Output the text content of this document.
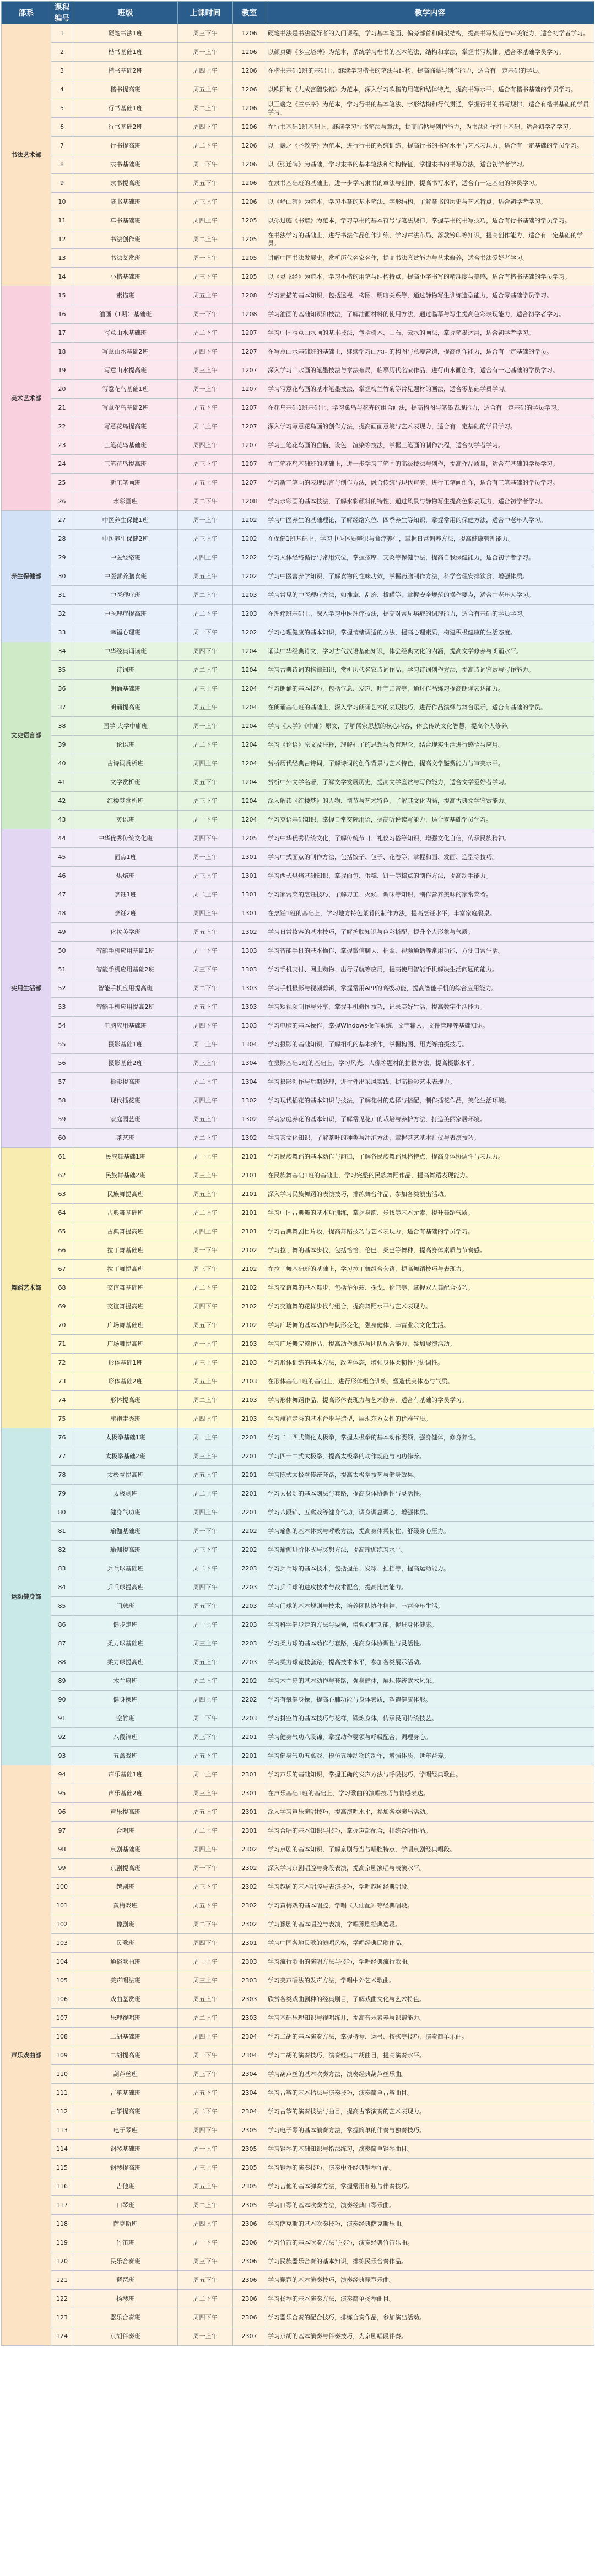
部系	课程编号	班级	上课时间	教室	教学内容
书法艺术部	1	硬笔书法1班	周三下午	1206	硬笔书法是书法爱好者的入门课程，学习基本笔画、偏旁部首和间架结构，提高书写规范与审美能力，适合初学者学习。
	2	楷书基础1班	周一上午	1206	以颜真卿《多宝塔碑》为范本，系统学习楷书的基本笔法、结构和章法，掌握书写规律，适合零基础学员学习。
	3	楷书基础2班	周四上午	1206	在楷书基础1班的基础上，继续学习楷书的笔法与结构，提高临摹与创作能力，适合有一定基础的学员。
	4	楷书提高班	周五上午	1206	以欧阳询《九成宫醴泉铭》为范本，深入学习欧楷的用笔和结体特点，提高书写水平，适合有楷书基础的学员学习。
	5	行书基础1班	周二上午	1206	以王羲之《兰亭序》为范本，学习行书的基本笔法、字形结构和行气贯通，掌握行书的书写规律，适合有楷书基础的学员学习。
	6	行书基础2班	周四下午	1206	在行书基础1班基础上，继续学习行书笔法与章法，提高临帖与创作能力，为书法创作打下基础，适合初学者学习。
	7	行书提高班	周二下午	1206	以王羲之《圣教序》为范本，进行行书的系统训练，提高行书的书写水平与艺术表现力，适合有一定基础的学员学习。
	8	隶书基础班	周一下午	1206	以《张迁碑》为基础，学习隶书的基本笔法和结构特征，掌握隶书的书写方法，适合初学者学习。
	9	隶书提高班	周五下午	1206	在隶书基础班的基础上，进一步学习隶书的章法与创作，提高书写水平，适合有一定基础的学员学习。
	10	篆书基础班	周三上午	1206	以《峄山碑》为范本，学习小篆的基本笔法、字形结构，了解篆书的历史与艺术特点，适合初学者学习。
	11	草书基础班	周四上午	1205	以孙过庭《书谱》为范本，学习草书的基本符号与笔法规律，掌握草书的书写技巧，适合有行书基础的学员学习。
	12	书法创作班	周二上午	1205	在书法学习的基础上，进行书法作品创作训练，学习章法布局、落款钤印等知识，提高创作能力，适合有一定基础的学员。
	13	书法鉴赏班	周一上午	1205	讲解中国书法发展史，赏析历代名家名作，提高书法鉴赏能力与艺术修养，适合书法爱好者学习。
	14	小楷基础班	周三下午	1205	以《灵飞经》为范本，学习小楷的用笔与结构特点，提高小字书写的精准度与美感，适合有楷书基础的学员学习。
美术艺术部	15	素描班	周五上午	1208	学习素描的基本知识，包括透视、构图、明暗关系等，通过静物写生训练造型能力，适合零基础学员学习。
	16	油画（1期）基础班	周一下午	1208	学习油画的基础知识和技法，了解油画材料的使用方法，通过临摹与写生提高色彩表现能力，适合初学者学习。
	17	写意山水基础班	周二下午	1207	学习中国写意山水画的基本技法，包括树木、山石、云水的画法，掌握笔墨运用，适合初学者学习。
	18	写意山水基础2班	周四下午	1207	在写意山水基础班的基础上，继续学习山水画的构图与意境营造，提高创作能力，适合有一定基础的学员。
	19	写意山水提高班	周三上午	1207	深入学习山水画的笔墨技法与章法布局，临摹历代名家作品，进行山水画创作，适合有一定基础的学员学习。
	20	写意花鸟基础1班	周一上午	1207	学习写意花鸟画的基本笔墨技法，掌握梅兰竹菊等常见题材的画法，适合零基础学员学习。
	21	写意花鸟基础2班	周五下午	1207	在花鸟基础1班基础上，学习禽鸟与花卉的组合画法，提高构图与笔墨表现能力，适合有一定基础的学员学习。
	22	写意花鸟提高班	周二上午	1207	深入学习写意花鸟画的创作方法，提高画面意境与艺术表现力，适合有一定基础的学员学习。
	23	工笔花鸟基础班	周四上午	1207	学习工笔花鸟画的白描、设色、渲染等技法，掌握工笔画的制作流程，适合初学者学习。
	24	工笔花鸟提高班	周三下午	1207	在工笔花鸟基础班的基础上，进一步学习工笔画的高级技法与创作，提高作品质量，适合有基础的学员学习。
	25	新工笔画班	周五上午	1207	学习新工笔画的表现语言与创作方法，融合传统与现代审美，进行工笔画创作，适合有工笔基础的学员学习。
	26	水彩画班	周二下午	1208	学习水彩画的基本技法，了解水彩颜料的特性，通过风景与静物写生提高色彩表现力，适合初学者学习。
养生保健部	27	中医养生保健1班	周一上午	1202	学习中医养生的基础理论，了解经络穴位、四季养生等知识，掌握常用的保健方法，适合中老年人学习。
	28	中医养生保健2班	周三上午	1202	在保健1班基础上，学习中医体质辨识与食疗养生，掌握日常调养方法，提高健康管理能力。
	29	中医经络班	周四上午	1202	学习人体经络循行与常用穴位，掌握按摩、艾灸等保健手法，提高自我保健能力，适合初学者学习。
	30	中医营养膳食班	周五上午	1202	学习中医营养学知识，了解食物的性味功效，掌握药膳制作方法，科学合理安排饮食，增强体质。
	31	中医理疗班	周二上午	1203	学习常见的中医理疗方法，如推拿、刮痧、拔罐等，掌握安全规范的操作要点，适合中老年人学习。
	32	中医理疗提高班	周二下午	1203	在理疗班基础上，深入学习中医理疗技法，提高对常见病症的调理能力，适合有基础的学员学习。
	33	幸福心理班	周一下午	1202	学习心理健康的基本知识，掌握情绪调适的方法，提高心理素质，构建积极健康的生活态度。
文史语言部	34	中华经典诵读班	周四下午	1204	诵读中华经典诗文，学习古代汉语基础知识，体会经典文化的内涵，提高文学修养与朗诵水平。
	35	诗词班	周二上午	1204	学习古典诗词的格律知识，赏析历代名家诗词作品，学习诗词创作方法，提高诗词鉴赏与写作能力。
	36	朗诵基础班	周三上午	1204	学习朗诵的基本技巧，包括气息、发声、吐字归音等，通过作品练习提高朗诵表达能力。
	37	朗诵提高班	周五上午	1204	在朗诵基础班的基础上，深入学习朗诵艺术的表现技巧，进行作品演绎与舞台展示，适合有基础的学员。
	38	国学·大学中庸班	周一上午	1204	学习《大学》《中庸》原文，了解儒家思想的核心内容，体会传统文化智慧，提高个人修养。
	39	论语班	周二下午	1204	学习《论语》原文及注释，理解孔子的思想与教育理念，结合现实生活进行感悟与应用。
	40	古诗词赏析班	周四上午	1204	赏析历代经典古诗词，了解诗词的创作背景与艺术特色，提高文学鉴赏能力与审美水平。
	41	文学赏析班	周五下午	1204	赏析中外文学名著，了解文学发展历史，提高文学鉴赏与写作能力，适合文学爱好者学习。
	42	红楼梦赏析班	周三下午	1204	深入解读《红楼梦》的人物、情节与艺术特色，了解其文化内涵，提高古典文学鉴赏能力。
	43	英语班	周一下午	1204	学习英语基础知识，掌握日常交际用语，提高听说读写能力，适合零基础学员学习。
实用生活部	44	中华优秀传统文化班	周四下午	1205	学习中华优秀传统文化，了解传统节日、礼仪习俗等知识，增强文化自信，传承民族精神。
	45	面点1班	周一上午	1301	学习中式面点的制作方法，包括饺子、包子、花卷等，掌握和面、发面、造型等技巧。
	46	烘焙班	周三上午	1301	学习西式烘焙基础知识，掌握面包、蛋糕、饼干等糕点的制作方法，提高动手能力。
	47	烹饪1班	周二上午	1301	学习家常菜的烹饪技巧，了解刀工、火候、调味等知识，制作营养美味的家常菜肴。
	48	烹饪2班	周四上午	1301	在烹饪1班的基础上，学习地方特色菜肴的制作方法，提高烹饪水平，丰富家庭餐桌。
	49	化妆美学班	周五上午	1302	学习日常妆容的基本技巧，了解护肤知识与色彩搭配，提升个人形象与气质。
	50	智能手机应用基础1班	周一下午	1303	学习智能手机的基本操作，掌握微信聊天、拍照、视频通话等常用功能，方便日常生活。
	51	智能手机应用基础2班	周三下午	1303	学习手机支付、网上购物、出行导航等应用，提高使用智能手机解决生活问题的能力。
	52	智能手机应用提高班	周二下午	1303	学习手机摄影与视频剪辑，掌握常用APP的高级功能，提高智能手机的综合应用能力。
	53	智能手机应用提高2班	周五下午	1303	学习短视频制作与分享，掌握手机修图技巧，记录美好生活，提高数字生活能力。
	54	电脑应用基础班	周四下午	1303	学习电脑的基本操作，掌握Windows操作系统、文字输入、文件管理等基础知识。
	55	摄影基础1班	周一上午	1304	学习摄影的基础知识，了解相机的基本操作，掌握构图、用光等拍摄技巧。
	56	摄影基础2班	周三上午	1304	在摄影基础1班的基础上，学习风光、人像等题材的拍摄方法，提高摄影水平。
	57	摄影提高班	周二上午	1304	学习摄影创作与后期处理，进行外出采风实践，提高摄影艺术表现力。
	58	现代插花班	周四上午	1302	学习现代插花的基本知识与技法，了解花材的选择与搭配，制作插花作品，美化生活环境。
	59	家庭园艺班	周五上午	1302	学习家庭养花的基本知识，了解常见花卉的栽培与养护方法，打造美丽家居环境。
	60	茶艺班	周二下午	1302	学习茶文化知识，了解茶叶的种类与冲泡方法，掌握茶艺基本礼仪与表演技巧。
舞蹈艺术部	61	民族舞基础1班	周一上午	2101	学习民族舞蹈的基本动作与韵律，了解各民族舞蹈风格特点，提高身体协调性与表现力。
	62	民族舞基础2班	周三上午	2101	在民族舞基础1班的基础上，学习完整的民族舞蹈作品，提高舞蹈表现能力。
	63	民族舞提高班	周五上午	2101	深入学习民族舞蹈的表演技巧，排练舞台作品，参加各类演出活动。
	64	古典舞基础班	周二上午	2101	学习中国古典舞的基本功训练，掌握身韵、步伐等基本元素，提升舞蹈气质。
	65	古典舞提高班	周四上午	2101	学习古典舞剧目片段，提高舞蹈技巧与艺术表现力，适合有基础的学员学习。
	66	拉丁舞基础班	周一下午	2102	学习拉丁舞的基本步伐，包括恰恰、伦巴、桑巴等舞种，提高身体素质与节奏感。
	67	拉丁舞提高班	周三下午	2102	在拉丁舞基础班的基础上，学习拉丁舞组合套路，提高舞蹈技巧与表现力。
	68	交谊舞基础班	周二下午	2102	学习交谊舞的基本舞步，包括华尔兹、探戈、伦巴等，掌握双人舞配合技巧。
	69	交谊舞提高班	周四下午	2102	学习交谊舞的花样步伐与组合，提高舞蹈水平与艺术表现力。
	70	广场舞基础班	周五下午	2102	学习广场舞的基本动作与队形变化，强身健体，丰富业余文化生活。
	71	广场舞提高班	周一上午	2103	学习广场舞完整作品，提高动作规范与团队配合能力，参加展演活动。
	72	形体基础1班	周三上午	2103	学习形体训练的基本方法，改善体态，增强身体柔韧性与协调性。
	73	形体基础2班	周五上午	2103	在形体基础1班的基础上，进行形体组合训练，塑造优美体态与气质。
	74	形体提高班	周二上午	2103	学习形体舞蹈作品，提高形体表现力与艺术修养，适合有基础的学员学习。
	75	旗袍走秀班	周四上午	2103	学习旗袍走秀的基本台步与造型，展现东方女性的优雅气质。
运动健身部	76	太极拳基础1班	周一上午	2201	学习二十四式简化太极拳，掌握太极拳的基本动作要领，强身健体，修身养性。
	77	太极拳基础2班	周三上午	2201	学习四十二式太极拳，提高太极拳的动作规范与内功修养。
	78	太极拳提高班	周五上午	2201	学习陈式太极拳传统套路，提高太极拳技艺与健身效果。
	79	太极剑班	周二上午	2201	学习太极剑的基本剑法与套路，提高身体协调性与灵活性。
	80	健身气功班	周四上午	2201	学习八段锦、五禽戏等健身气功，调身调息调心，增强体质。
	81	瑜伽基础班	周一下午	2202	学习瑜伽的基本体式与呼吸方法，提高身体柔韧性，舒缓身心压力。
	82	瑜伽提高班	周三下午	2202	学习瑜伽进阶体式与冥想方法，提高瑜伽练习水平。
	83	乒乓球基础班	周二下午	2203	学习乒乓球的基本技术，包括握拍、发球、推挡等，提高运动能力。
	84	乒乓球提高班	周四下午	2203	学习乒乓球的进攻技术与战术配合，提高比赛能力。
	85	门球班	周五下午	2203	学习门球的基本规则与技术，培养团队协作精神，丰富晚年生活。
	86	健步走班	周一上午	2203	学习科学健步走的方法与要领，增强心肺功能，促进身体健康。
	87	柔力球基础班	周三上午	2203	学习柔力球的基本动作与套路，提高身体协调性与灵活性。
	88	柔力球提高班	周五上午	2203	学习柔力球竞技套路，提高技术水平，参加各类展示活动。
	89	木兰扇班	周二上午	2202	学习木兰扇的基本动作与套路，强身健体，展现传统武术风采。
	90	健身操班	周四上午	2202	学习有氧健身操，提高心肺功能与身体素质，塑造健康体形。
	91	空竹班	周一下午	2203	学习抖空竹的基本技巧与花样，锻炼身体，传承民间传统技艺。
	92	八段锦班	周三下午	2201	学习健身气功八段锦，掌握动作要领与呼吸配合，调理身心。
	93	五禽戏班	周五下午	2201	学习健身气功五禽戏，模仿五种动物的动作，增强体质，延年益寿。
声乐戏曲部	94	声乐基础1班	周一上午	2301	学习声乐的基础知识，掌握正确的发声方法与呼吸技巧，学唱经典歌曲。
	95	声乐基础2班	周三上午	2301	在声乐基础1班的基础上，学习歌曲的演唱技巧与情感表达。
	96	声乐提高班	周五上午	2301	深入学习声乐演唱技巧，提高演唱水平，参加各类演出活动。
	97	合唱班	周二上午	2301	学习合唱的基本知识与技巧，掌握声部配合，排练合唱作品。
	98	京剧基础班	周四上午	2302	学习京剧的基本知识，了解京剧行当与唱腔特点，学唱京剧经典唱段。
	99	京剧提高班	周一下午	2302	深入学习京剧唱腔与身段表演，提高京剧演唱与表演水平。
	100	越剧班	周三下午	2302	学习越剧的基本唱腔与表演技巧，学唱越剧经典唱段。
	101	黄梅戏班	周五下午	2302	学习黄梅戏的基本唱腔，学唱《天仙配》等经典唱段。
	102	豫剧班	周二下午	2302	学习豫剧的基本唱腔与表演，学唱豫剧经典选段。
	103	民歌班	周四下午	2301	学习中国各地民歌的演唱风格，学唱经典民歌作品。
	104	通俗歌曲班	周一上午	2303	学习流行歌曲的演唱方法与技巧，学唱经典流行歌曲。
	105	美声唱法班	周三上午	2303	学习美声唱法的发声方法，学唱中外艺术歌曲。
	106	戏曲鉴赏班	周五上午	2303	欣赏各类戏曲剧种的经典剧目，了解戏曲文化与艺术特色。
	107	乐理视唱班	周二上午	2303	学习基础乐理知识与视唱练耳，提高音乐素养与识谱能力。
	108	二胡基础班	周四上午	2304	学习二胡的基本演奏方法，掌握持琴、运弓、按弦等技巧，演奏简单乐曲。
	109	二胡提高班	周一下午	2304	学习二胡的演奏技巧，演奏经典二胡曲目，提高演奏水平。
	110	葫芦丝班	周三下午	2304	学习葫芦丝的基本吹奏方法，演奏经典葫芦丝乐曲。
	111	古筝基础班	周五下午	2304	学习古筝的基本指法与演奏技巧，演奏简单古筝曲目。
	112	古筝提高班	周二下午	2304	学习古筝的演奏技法与曲目，提高古筝演奏的艺术表现力。
	113	电子琴班	周四下午	2305	学习电子琴的基本演奏方法，掌握简单的伴奏与独奏技巧。
	114	钢琴基础班	周一上午	2305	学习钢琴的基础知识与指法练习，演奏简单钢琴曲目。
	115	钢琴提高班	周三上午	2305	学习钢琴的演奏技巧，演奏中外经典钢琴作品。
	116	吉他班	周五上午	2305	学习吉他的基本弹奏方法，掌握常用和弦与伴奏技巧。
	117	口琴班	周二上午	2305	学习口琴的基本吹奏方法，演奏经典口琴乐曲。
	118	萨克斯班	周四上午	2306	学习萨克斯的基本吹奏技巧，演奏经典萨克斯乐曲。
	119	竹笛班	周一下午	2306	学习竹笛的基本吹奏方法与技巧，演奏经典竹笛乐曲。
	120	民乐合奏班	周三下午	2306	学习民族器乐合奏的基本知识，排练民乐合奏作品。
	121	琵琶班	周五下午	2306	学习琵琶的基本演奏技巧，演奏经典琵琶乐曲。
	122	扬琴班	周二下午	2306	学习扬琴的基本演奏方法，演奏简单扬琴曲目。
	123	器乐合奏班	周四下午	2306	学习器乐合奏的配合技巧，排练合奏作品，参加演出活动。
	124	京胡伴奏班	周一上午	2307	学习京胡的基本演奏与伴奏技巧，为京剧唱段伴奏。
